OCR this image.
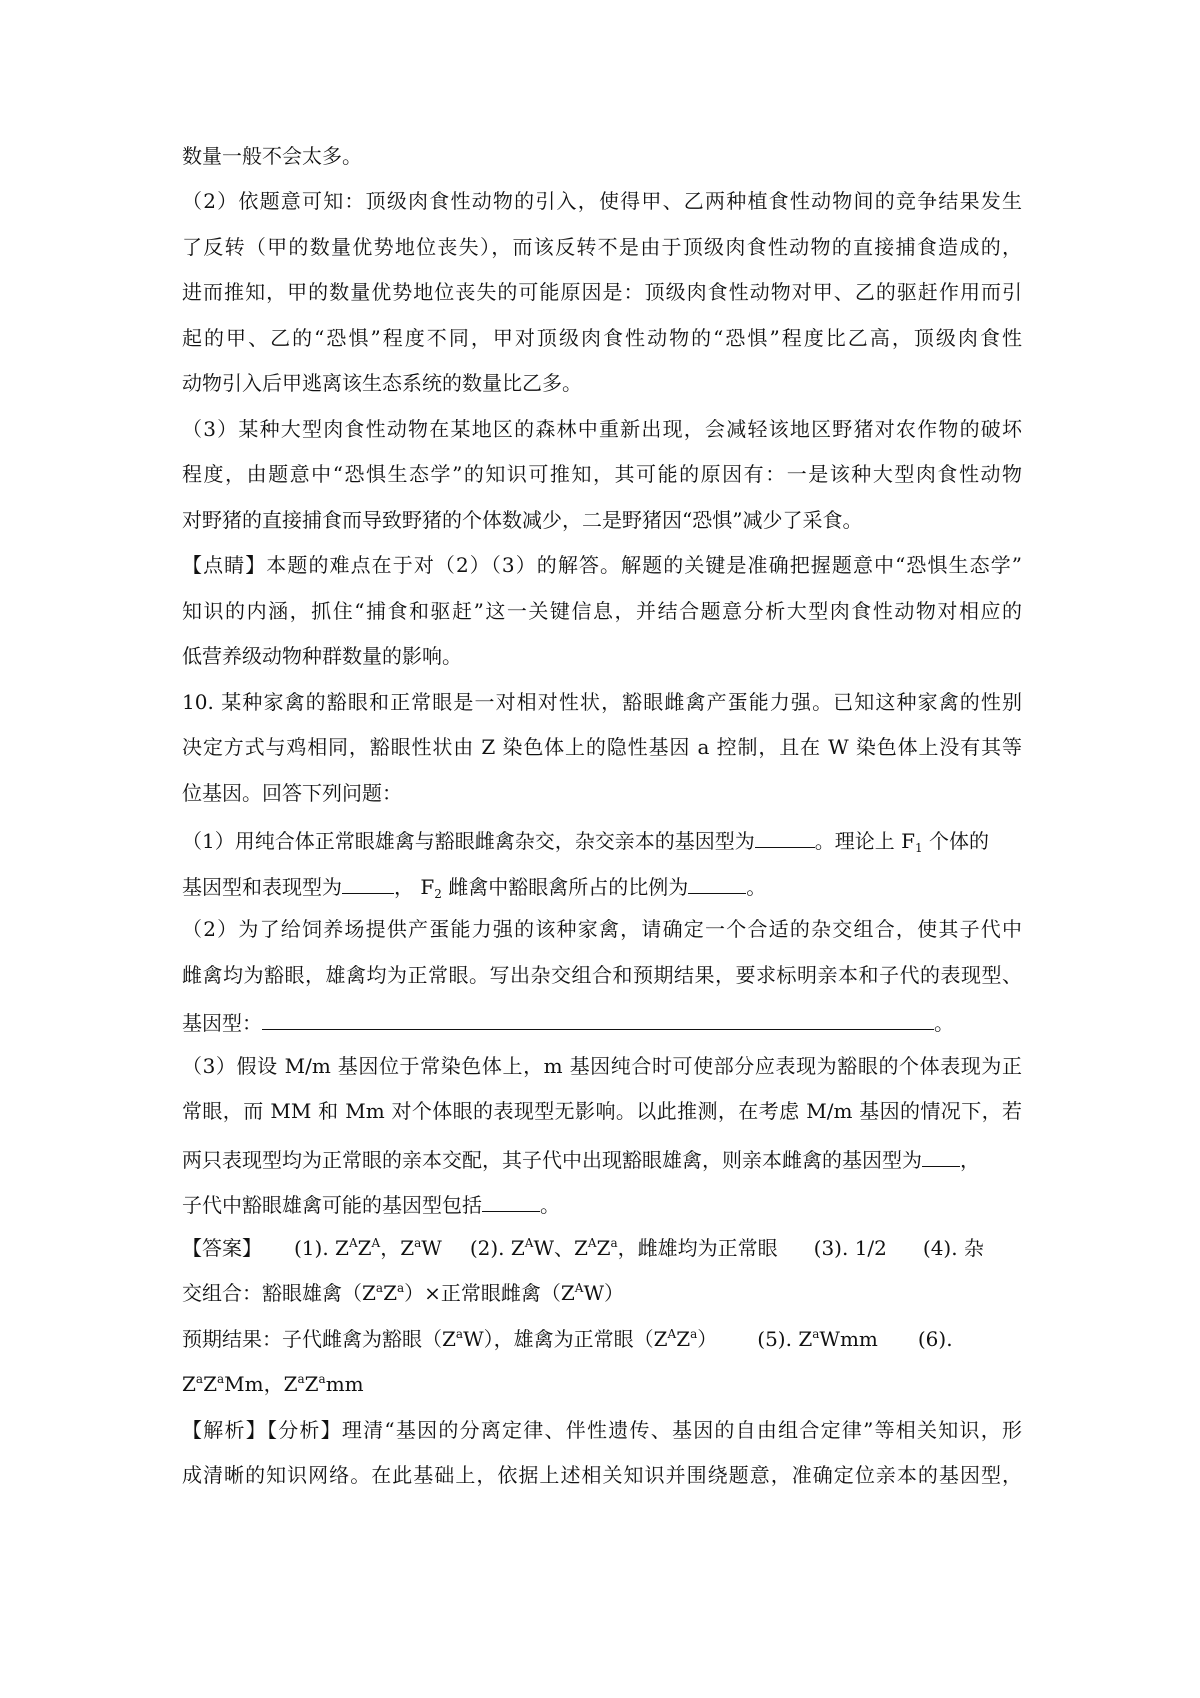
数量一般不会太多。
（2）依题意可知：顶级肉食性动物的引入，使得甲、乙两种植食性动物间的竞争结果发生
了反转（甲的数量优势地位丧失），而该反转不是由于顶级肉食性动物的直接捕食造成的，
进而推知，甲的数量优势地位丧失的可能原因是：顶级肉食性动物对甲、乙的驱赶作用而引
起的甲、乙的“恐惧”程度不同，甲对顶级肉食性动物的“恐惧”程度比乙高，顶级肉食性
动物引入后甲逃离该生态系统的数量比乙多。
（3）某种大型肉食性动物在某地区的森林中重新出现，会减轻该地区野猪对农作物的破坏
程度，由题意中“恐惧生态学”的知识可推知，其可能的原因有：一是该种大型肉食性动物
对野猪的直接捕食而导致野猪的个体数减少，二是野猪因“恐惧”减少了采食。
【点睛】本题的难点在于对（2）（3）的解答。解题的关键是准确把握题意中“恐惧生态学”
知识的内涵，抓住“捕食和驱赶”这一关键信息，并结合题意分析大型肉食性动物对相应的
低营养级动物种群数量的影响。
10. 某种家禽的豁眼和正常眼是一对相对性状，豁眼雌禽产蛋能力强。已知这种家禽的性别
决定方式与鸡相同，豁眼性状由 Z 染色体上的隐性基因 a 控制，且在 W 染色体上没有其等
位基因。回答下列问题：
（1）用纯合体正常眼雄禽与豁眼雌禽杂交，杂交亲本的基因型为	。理论上 $F_1$ 个体的
基因型和表现型为	， $F_2$ 雌禽中豁眼禽所占的比例为	。
（2）为了给饲养场提供产蛋能力强的该种家禽，请确定一个合适的杂交组合，使其子代中
雌禽均为豁眼，雄禽均为正常眼。写出杂交组合和预期结果，要求标明亲本和子代的表现型、
基因型：	。
（3）假设 M/m 基因位于常染色体上，m 基因纯合时可使部分应表现为豁眼的个体表现为正
常眼，而 MM 和 Mm 对个体眼的表现型无影响。以此推测，在考虑 M/m 基因的情况下，若
两只表现型均为正常眼的亲本交配，其子代中出现豁眼雄禽，则亲本雌禽的基因型为 ，
子代中豁眼雄禽可能的基因型包括	。
【答案】 (1). $Z^AZ^A$，$Z^aW$ (2). $Z^AW$、$Z^AZ^a$，雌雄均为正常眼 (3). 1/2 (4). 杂
交组合：豁眼雄禽$(Z^aZ^a)\times$正常眼雌禽$(Z^AW)$
预期结果：子代雌禽为豁眼$(Z^aW)$，雄禽为正常眼$(Z^AZ^a)$ (5). $Z^aWmm$ (6).
$Z^aZ^aMm$，$Z^aZ^amm$
【解析】【分析】理清“基因的分离定律、伴性遗传、基因的自由组合定律”等相关知识，形
成清晰的知识网络。在此基础上，依据上述相关知识并围绕题意，准确定位亲本的基因型，
